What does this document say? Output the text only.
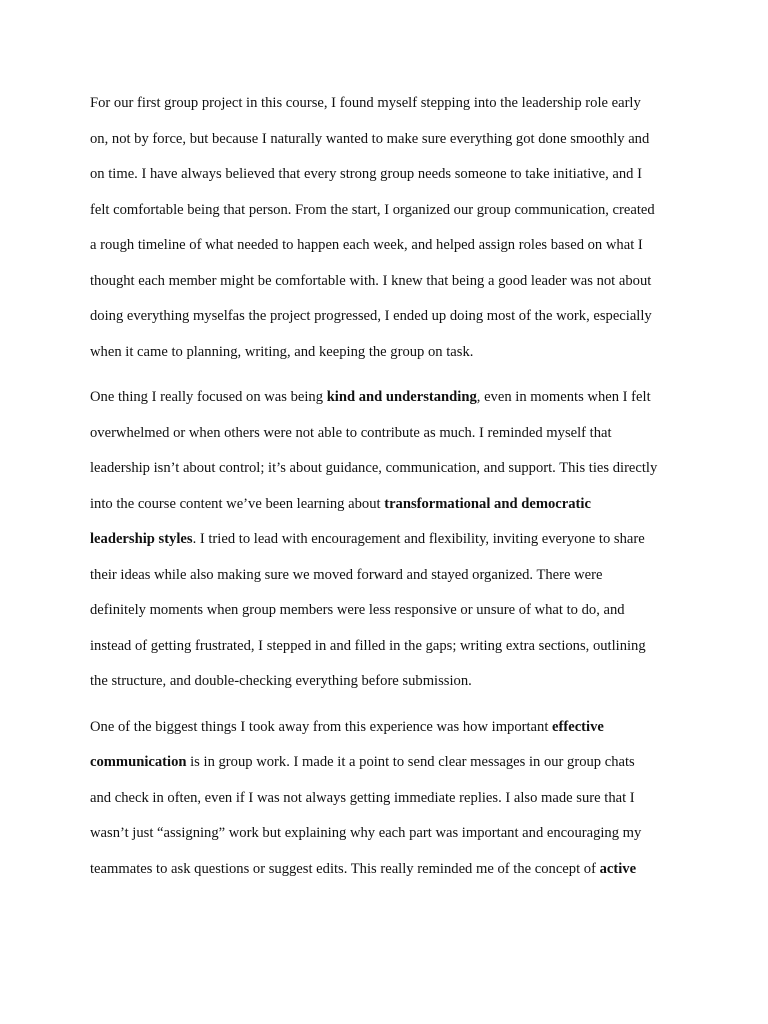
For our first group project in this course, I found myself stepping into the leadership role early
on, not by force, but because I naturally wanted to make sure everything got done smoothly and
on time. I have always believed that every strong group needs someone to take initiative, and I
felt comfortable being that person. From the start, I organized our group communication, created
a rough timeline of what needed to happen each week, and helped assign roles based on what I
thought each member might be comfortable with. I knew that being a good leader was not about
doing everything myselfas the project progressed, I ended up doing most of the work, especially
when it came to planning, writing, and keeping the group on task.
One thing I really focused on was being kind and understanding, even in moments when I felt
overwhelmed or when others were not able to contribute as much. I reminded myself that
leadership isn’t about control; it’s about guidance, communication, and support. This ties directly
into the course content we’ve been learning about transformational and democratic
leadership styles. I tried to lead with encouragement and flexibility, inviting everyone to share
their ideas while also making sure we moved forward and stayed organized. There were
definitely moments when group members were less responsive or unsure of what to do, and
instead of getting frustrated, I stepped in and filled in the gaps; writing extra sections, outlining
the structure, and double-checking everything before submission.
One of the biggest things I took away from this experience was how important effective
communication is in group work. I made it a point to send clear messages in our group chats
and check in often, even if I was not always getting immediate replies. I also made sure that I
wasn’t just “assigning” work but explaining why each part was important and encouraging my
teammates to ask questions or suggest edits. This really reminded me of the concept of active
